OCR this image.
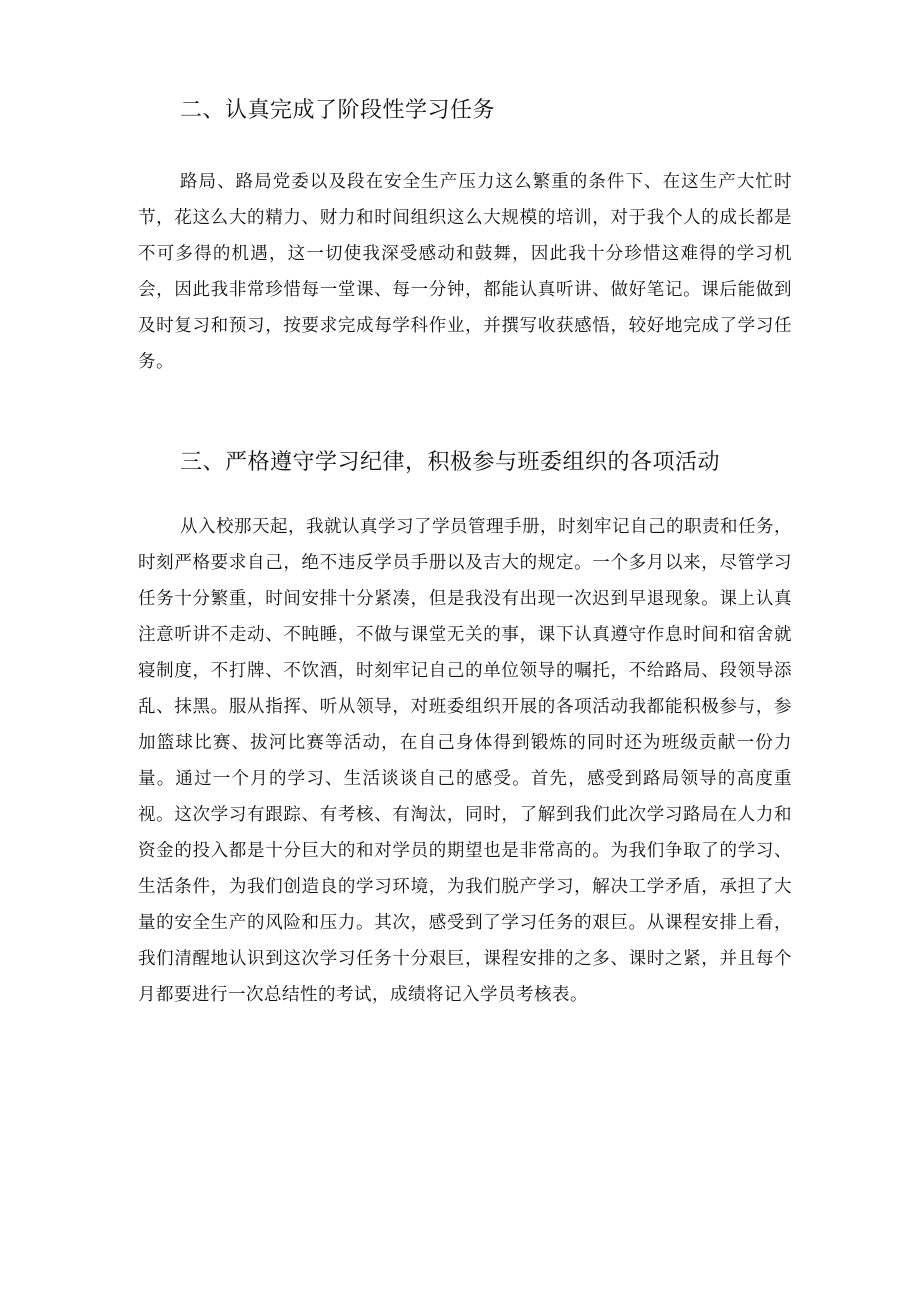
二、认真完成了阶段性学习任务

路局、路局党委以及段在安全生产压力这么繁重的条件下、在这生产大忙时节，花这么大的精力、财力和时间组织这么大规模的培训，对于我个人的成长都是不可多得的机遇，这一切使我深受感动和鼓舞，因此我十分珍惜这难得的学习机会，因此我非常珍惜每一堂课、每一分钟，都能认真听讲、做好笔记。课后能做到及时复习和预习，按要求完成每学科作业，并撰写收获感悟，较好地完成了学习任务。

三、严格遵守学习纪律，积极参与班委组织的各项活动

从入校那天起，我就认真学习了学员管理手册，时刻牢记自己的职责和任务，时刻严格要求自己，绝不违反学员手册以及吉大的规定。一个多月以来，尽管学习任务十分繁重，时间安排十分紧凑，但是我没有出现一次迟到早退现象。课上认真注意听讲不走动、不盹睡，不做与课堂无关的事，课下认真遵守作息时间和宿舍就寝制度，不打牌、不饮酒，时刻牢记自己的单位领导的嘱托，不给路局、段领导添乱、抹黑。服从指挥、听从领导，对班委组织开展的各项活动我都能积极参与，参加篮球比赛、拔河比赛等活动，在自己身体得到锻炼的同时还为班级贡献一份力量。通过一个月的学习、生活谈谈自己的感受。首先，感受到路局领导的高度重视。这次学习有跟踪、有考核、有淘汰，同时，了解到我们此次学习路局在人力和资金的投入都是十分巨大的和对学员的期望也是非常高的。为我们争取了的学习、生活条件，为我们创造良的学习环境，为我们脱产学习，解决工学矛盾，承担了大量的安全生产的风险和压力。其次，感受到了学习任务的艰巨。从课程安排上看，我们清醒地认识到这次学习任务十分艰巨，课程安排的之多、课时之紧，并且每个月都要进行一次总结性的考试，成绩将记入学员考核表。
